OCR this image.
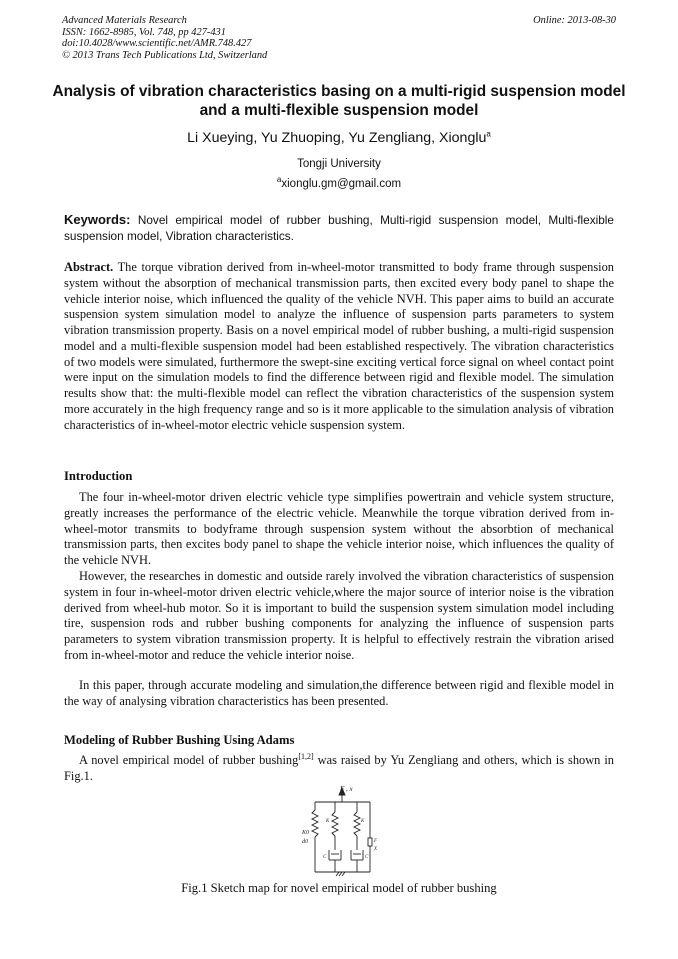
Advanced Materials Research
ISSN: 1662-8985, Vol. 748, pp 427-431
doi:10.4028/www.scientific.net/AMR.748.427
© 2013 Trans Tech Publications Ltd, Switzerland
Online: 2013-08-30
Analysis of vibration characteristics basing on a multi-rigid suspension model and a multi-flexible suspension model
Li Xueying, Yu Zhuoping, Yu Zengliang, Xionglu$^a$
Tongji University
$^a$xionglu.gm@gmail.com
Keywords: Novel empirical model of rubber bushing, Multi-rigid suspension model, Multi-flexible suspension model, Vibration characteristics.
Abstract. The torque vibration derived from in-wheel-motor transmitted to body frame through suspension system without the absorption of mechanical transmission parts, then excited every body panel to shape the vehicle interior noise, which influenced the quality of the vehicle NVH. This paper aims to build an accurate suspension system simulation model to analyze the influence of suspension parts parameters to system vibration transmission property. Basis on a novel empirical model of rubber bushing, a multi-rigid suspension model and a multi-flexible suspension model had been established respectively. The vibration characteristics of two models were simulated, furthermore the swept-sine exciting vertical force signal on wheel contact point were input on the simulation models to find the difference between rigid and flexible model. The simulation results show that: the multi-flexible model can reflect the vibration characteristics of the suspension system more accurately in the high frequency range and so is it more applicable to the simulation analysis of vibration characteristics of in-wheel-motor electric vehicle suspension system.
Introduction
The four in-wheel-motor driven electric vehicle type simplifies powertrain and vehicle system structure, greatly increases the performance of the electric vehicle. Meanwhile the torque vibration derived from in-wheel-motor transmits to bodyframe through suspension system without the absorbtion of mechanical transmission parts, then excites body panel to shape the vehicle interior noise, which influences the quality of the vehicle NVH.
However, the researches in domestic and outside rarely involved the vibration characteristics of suspension system in four in-wheel-motor driven electric vehicle,where the major source of interior noise is the vibration derived from wheel-hub motor. So it is important to build the suspension system simulation model including tire, suspension rods and rubber bushing components for analyzing the influence of suspension parts parameters to system vibration transmission property. It is helpful to effectively restrain the vibration arised from in-wheel-motor and reduce the vehicle interior noise.
In this paper, through accurate modeling and simulation,the difference between rigid and flexible model in the way of analysing vibration characteristics has been presented.
Modeling of Rubber Bushing Using Adams
A novel empirical model of rubber bushing[1,2] was raised by Yu Zengliang and others, which is shown in Fig.1.
F , x
K0
d0
K	K
C	C
F
X
Fig.1 Sketch map for novel empirical model of rubber bushing
